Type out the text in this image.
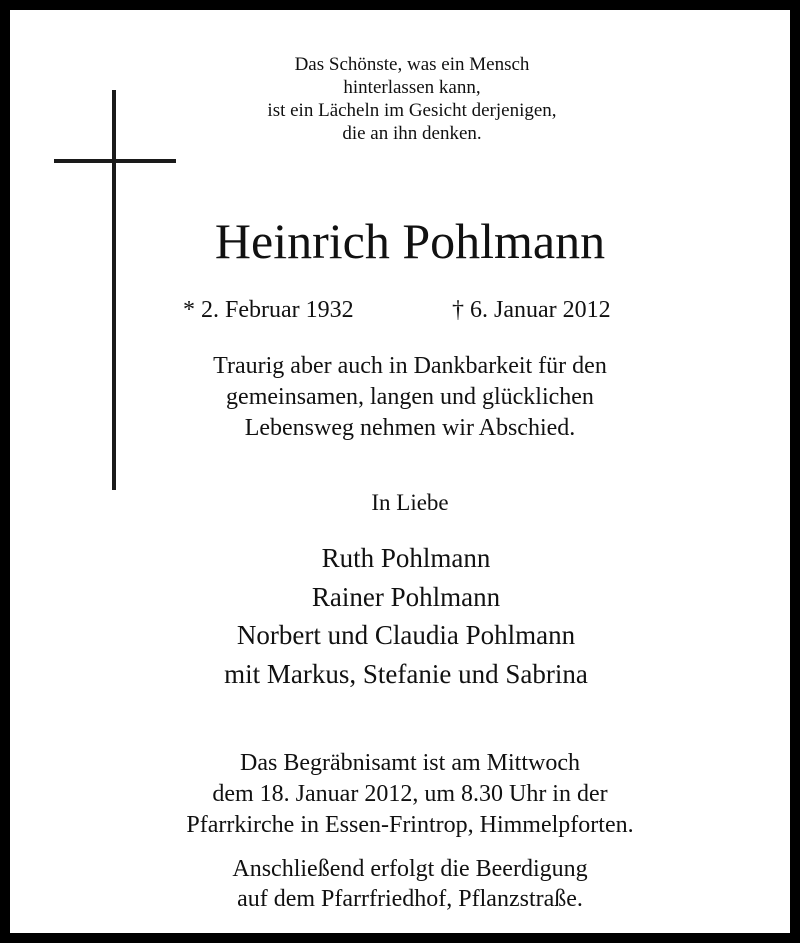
Das Schönste, was ein Mensch
hinterlassen kann,
ist ein Lächeln im Gesicht derjenigen,
die an ihn denken.
Heinrich Pohlmann
* 2. Februar 1932	† 6. Januar 2012
Traurig aber auch in Dankbarkeit für den
gemeinsamen, langen und glücklichen
Lebensweg nehmen wir Abschied.
In Liebe
Ruth Pohlmann
Rainer Pohlmann
Norbert und Claudia Pohlmann
mit Markus, Stefanie und Sabrina
Das Begräbnisamt ist am Mittwoch
dem 18. Januar 2012, um 8.30 Uhr in der
Pfarrkirche in Essen-Frintrop, Himmelpforten.
Anschließend erfolgt die Beerdigung
auf dem Pfarrfriedhof, Pflanzstraße.
